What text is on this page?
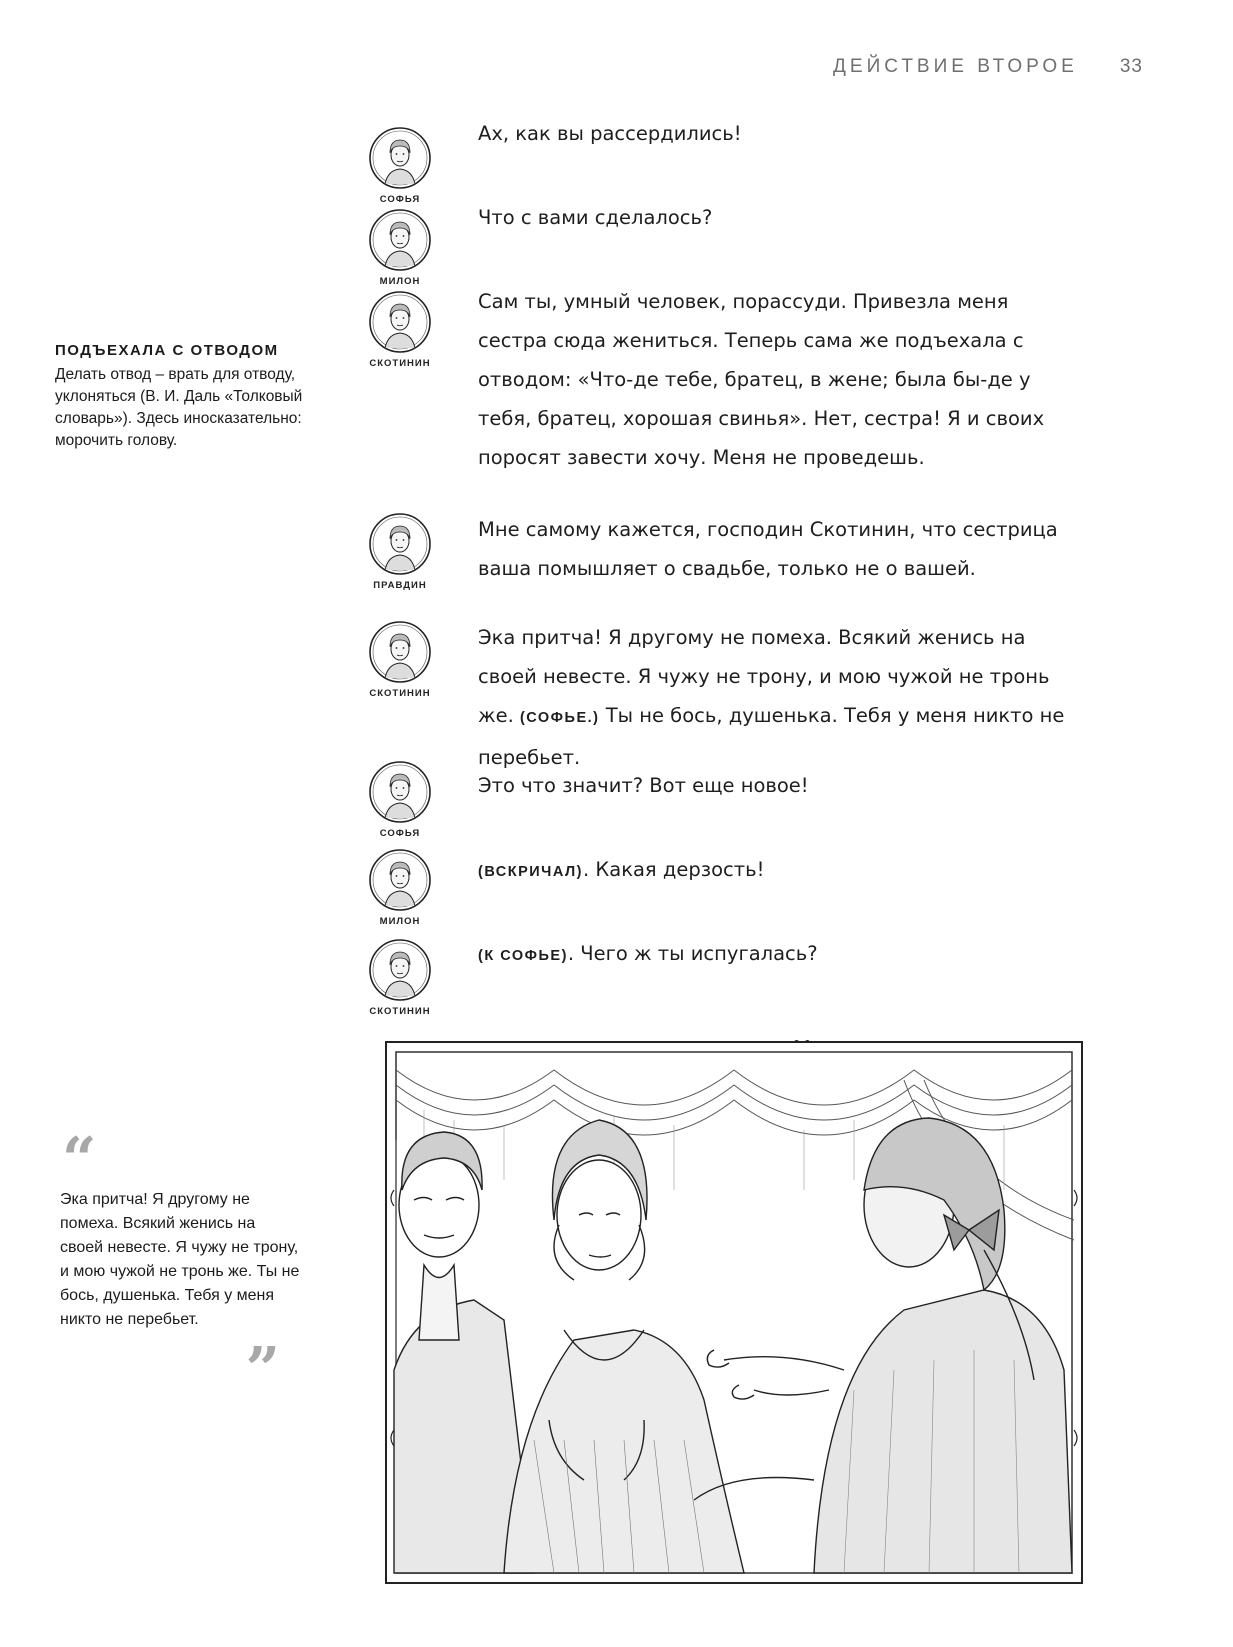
ДЕЙСТВИЕ ВТОРОЕ 33
ПОДЪЕХАЛА С ОТВОДОМ
Делать отвод – врать для отводу, уклоняться (В. И. Даль «Толковый словарь»). Здесь иносказательно: морочить голову.
“
Эка притча! Я другому не помеха. Всякий женись на своей невесте. Я чужу не трону, и мою чужой не тронь же. Ты не бось, душенька. Тебя у меня никто не перебьет.
”
СОФЬЯ
Ах, как вы рассердились!
МИЛОН
Что с вами сделалось?
СКОТИНИН
Сам ты, умный человек, порассуди. Привезла меня сестра сюда жениться. Теперь сама же подъехала с отводом: «Что-де тебе, братец, в жене; была бы-де у тебя, братец, хорошая свинья». Нет, сестра! Я и своих поросят завести хочу. Меня не проведешь.
ПРАВДИН
Мне самому кажется, господин Скотинин, что сестрица ваша помышляет о свадьбе, только не о вашей.
СКОТИНИН
Эка притча! Я другому не помеха. Всякий женись на своей невесте. Я чужу не трону, и мою чужой не тронь же. (СОФЬЕ.) Ты не бось, душенька. Тебя у меня никто не перебьет.
СОФЬЯ
Это что значит? Вот еще новое!
МИЛОН
(ВСКРИЧАЛ). Какая дерзость!
СКОТИНИН
(К СОФЬЕ). Чего ж ты испугалась?
